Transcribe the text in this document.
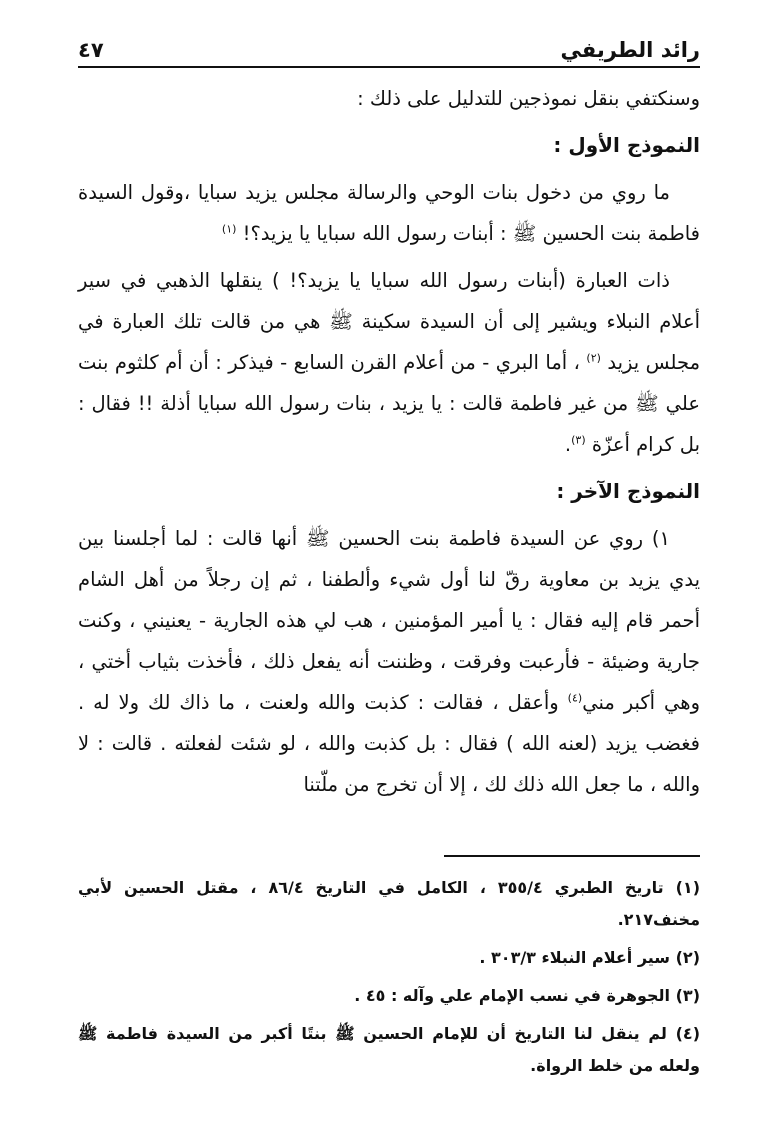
رائد الطريفي
٤٧

وسنكتفي بنقل نموذجين للتدليل على ذلك :

النموذج الأول :

ما روي من دخول بنات الوحي والرسالة مجلس يزيد سبايا ،وقول السيدة فاطمة بنت الحسين ﷺ : أبنات رسول الله سبايا يا يزيد؟! $^{(١)}$

ذات العبارة (أبنات رسول الله سبايا يا يزيد؟! ) ينقلها الذهبي في سير أعلام النبلاء ويشير إلى أن السيدة سكينة ﷺ هي من قالت تلك العبارة في مجلس يزيد $^{(٢)}$ ، أما البري - من أعلام القرن السابع - فيذكر : أن أم كلثوم بنت علي ﷺ من غير فاطمة قالت : يا يزيد ، بنات رسول الله سبايا أذلة !! فقال : بل كرام أعزّة $^{(٣)}$.

النموذج الآخر :

١) روي عن السيدة فاطمة بنت الحسين ﷺ أنها قالت : لما أجلسنا بين يدي يزيد بن معاوية رقّ لنا أول شيء وألطفنا ، ثم إن رجلاً من أهل الشام أحمر قام إليه فقال : يا أمير المؤمنين ، هب لي هذه الجارية - يعنيني ، وكنت جارية وضيئة - فأرعبت وفرقت ، وظننت أنه يفعل ذلك ، فأخذت بثياب أختي ، وهي أكبر مني$^{(٤)}$ وأعقل ، فقالت : كذبت والله ولعنت ، ما ذاك لك ولا له . فغضب يزيد (لعنه الله ) فقال : بل كذبت والله ، لو شئت لفعلته . قالت : لا والله ، ما جعل الله ذلك لك ، إلا أن تخرج من ملّتنا

(١) تاريخ الطبري ٣٥٥/٤ ، الكامل في التاريخ ٨٦/٤ ، مقتل الحسين لأبي مخنف٢١٧.

(٢) سير أعلام النبلاء ٣٠٣/٣ .

(٣) الجوهرة في نسب الإمام علي وآله : ٤٥ .

(٤) لم ينقل لنا التاريخ أن للإمام الحسين ﷺ بنتًا أكبر من السيدة فاطمة ﷺ ولعله من خلط الرواة.
